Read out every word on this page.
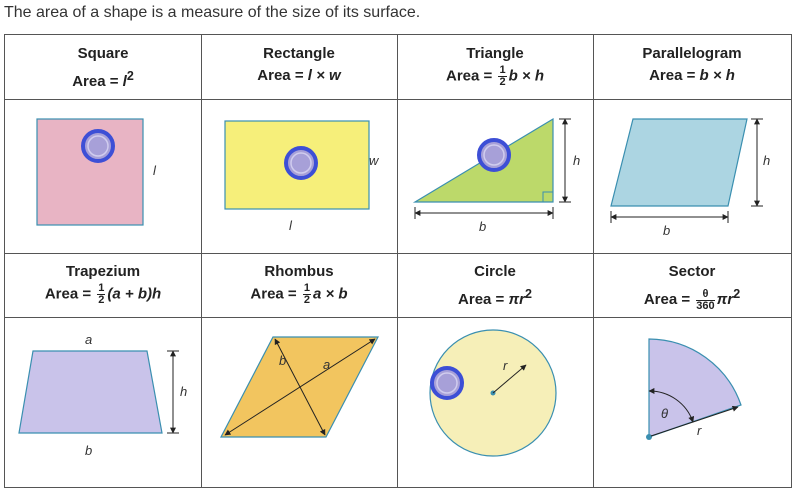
The area of a shape is a measure of the size of its surface.
Square
Area = $l^2$
Rectangle
Area = l × w
Triangle
Area = $\frac{1}{2}$ b × h
Parallelogram
Area = b × h
Trapezium
Area = $\frac{1}{2} (a + b)h$
Rhombus
Area = $\frac{1}{2}$ a × b
Circle
Area = $\pi r^2$
Sector
Area = $\frac{\theta}{360} \pi r^2$
l
w
l
h
b
h
b
a
h
b
b	a	r
θ
r
